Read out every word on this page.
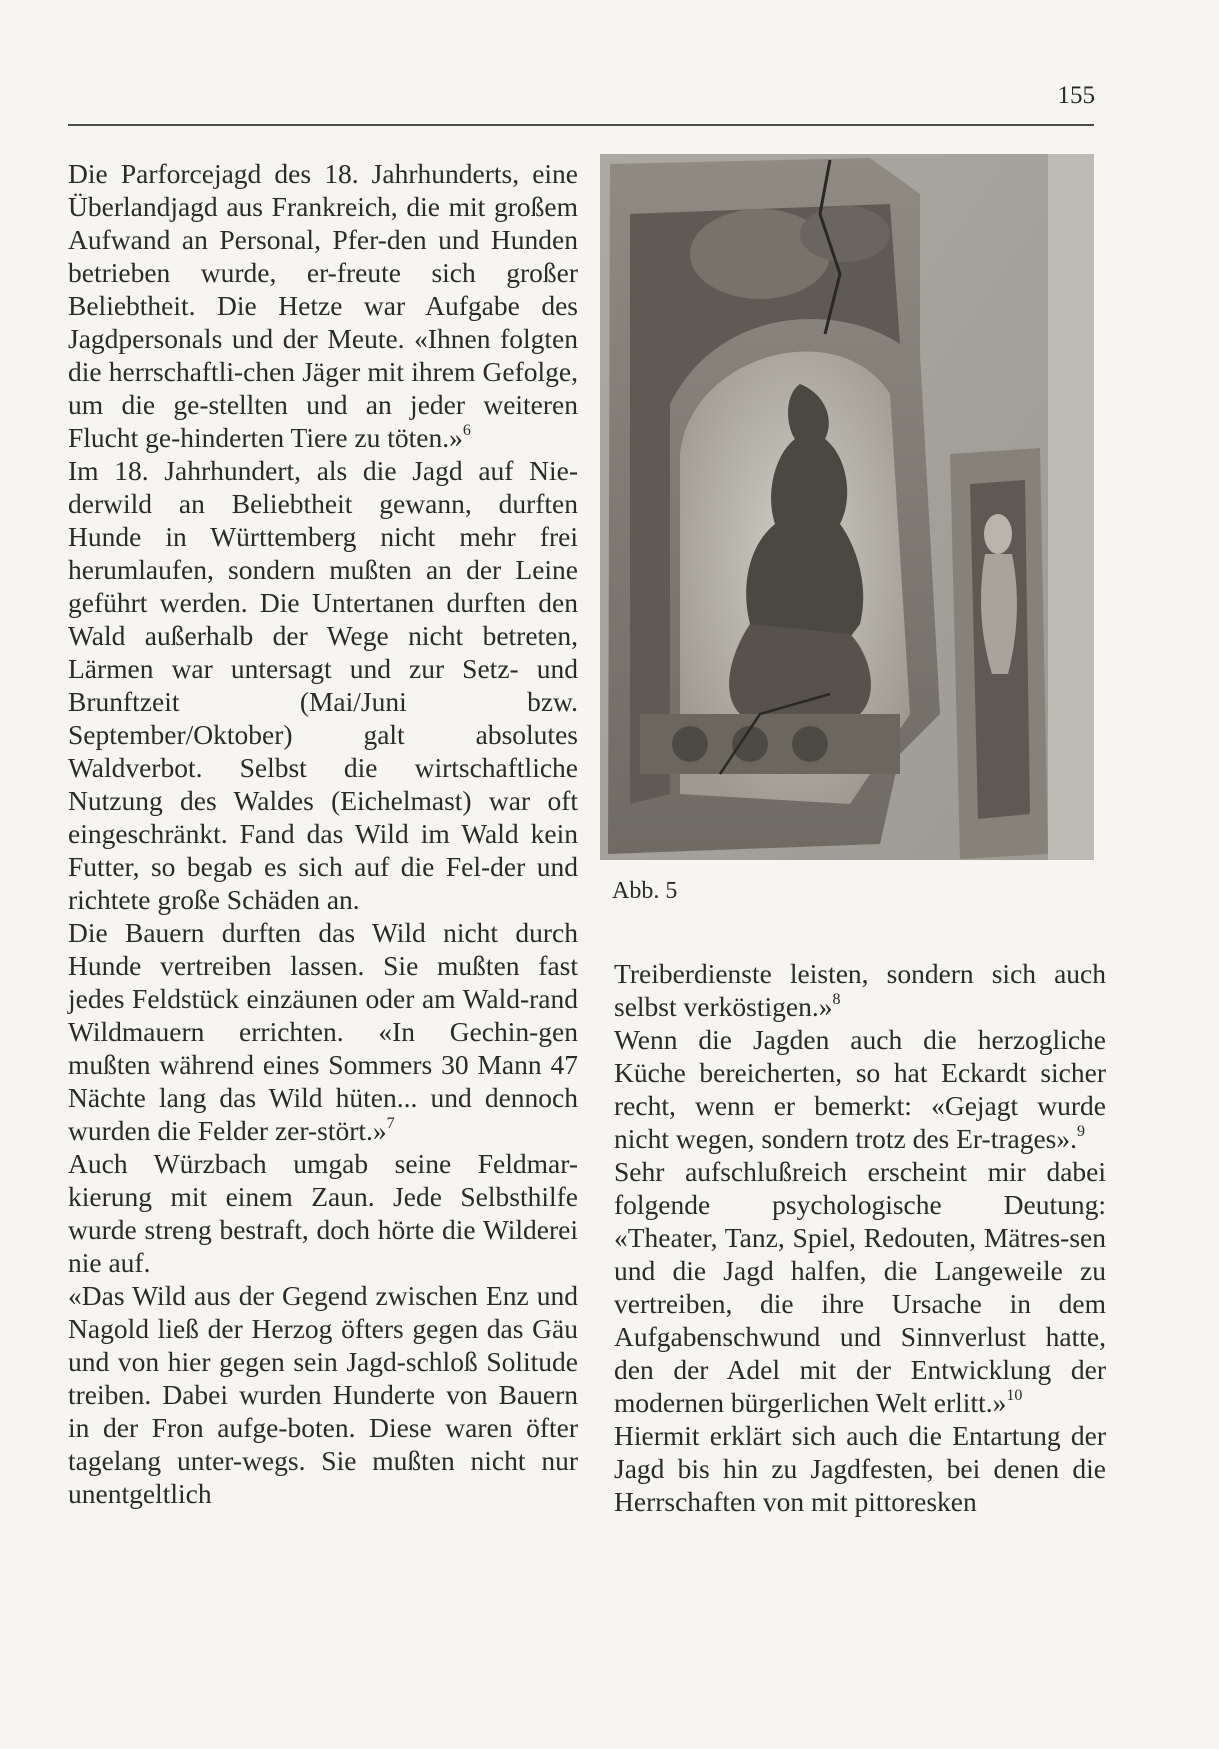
155

Die Parforcejagd des 18. Jahrhunderts, eine Überlandjagd aus Frankreich, die mit großem Aufwand an Personal, Pfer-den und Hunden betrieben wurde, er-freute sich großer Beliebtheit. Die Hetze war Aufgabe des Jagdpersonals und der Meute. «Ihnen folgten die herrschaftli-chen Jäger mit ihrem Gefolge, um die ge-stellten und an jeder weiteren Flucht ge-hinderten Tiere zu töten.»$^6$

Im 18. Jahrhundert, als die Jagd auf Nie-derwild an Beliebtheit gewann, durften Hunde in Württemberg nicht mehr frei herumlaufen, sondern mußten an der Leine geführt werden. Die Untertanen durften den Wald außerhalb der Wege nicht betreten, Lärmen war untersagt und zur Setz- und Brunftzeit (Mai/Juni bzw. September/Oktober) galt absolutes Waldverbot. Selbst die wirtschaftliche Nutzung des Waldes (Eichelmast) war oft eingeschränkt. Fand das Wild im Wald kein Futter, so begab es sich auf die Fel-der und richtete große Schäden an.

Die Bauern durften das Wild nicht durch Hunde vertreiben lassen. Sie mußten fast jedes Feldstück einzäunen oder am Wald-rand Wildmauern errichten. «In Gechin-gen mußten während eines Sommers 30 Mann 47 Nächte lang das Wild hüten... und dennoch wurden die Felder zer-stört.»$^7$

Auch Würzbach umgab seine Feldmar-kierung mit einem Zaun. Jede Selbsthilfe wurde streng bestraft, doch hörte die Wilderei nie auf.

«Das Wild aus der Gegend zwischen Enz und Nagold ließ der Herzog öfters gegen das Gäu und von hier gegen sein Jagd-schloß Solitude treiben. Dabei wurden Hunderte von Bauern in der Fron aufge-boten. Diese waren öfter tagelang unter-wegs. Sie mußten nicht nur unentgeltlich

Abb. 5

Treiberdienste leisten, sondern sich auch selbst verköstigen.»$^8$

Wenn die Jagden auch die herzogliche Küche bereicherten, so hat Eckardt sicher recht, wenn er bemerkt: «Gejagt wurde nicht wegen, sondern trotz des Er-trages».$^9$

Sehr aufschlußreich erscheint mir dabei folgende psychologische Deutung: «Theater, Tanz, Spiel, Redouten, Mätres-sen und die Jagd halfen, die Langeweile zu vertreiben, die ihre Ursache in dem Aufgabenschwund und Sinnverlust hatte, den der Adel mit der Entwicklung der modernen bürgerlichen Welt erlitt.»$^{10}$

Hiermit erklärt sich auch die Entartung der Jagd bis hin zu Jagdfesten, bei denen die Herrschaften von mit pittoresken
